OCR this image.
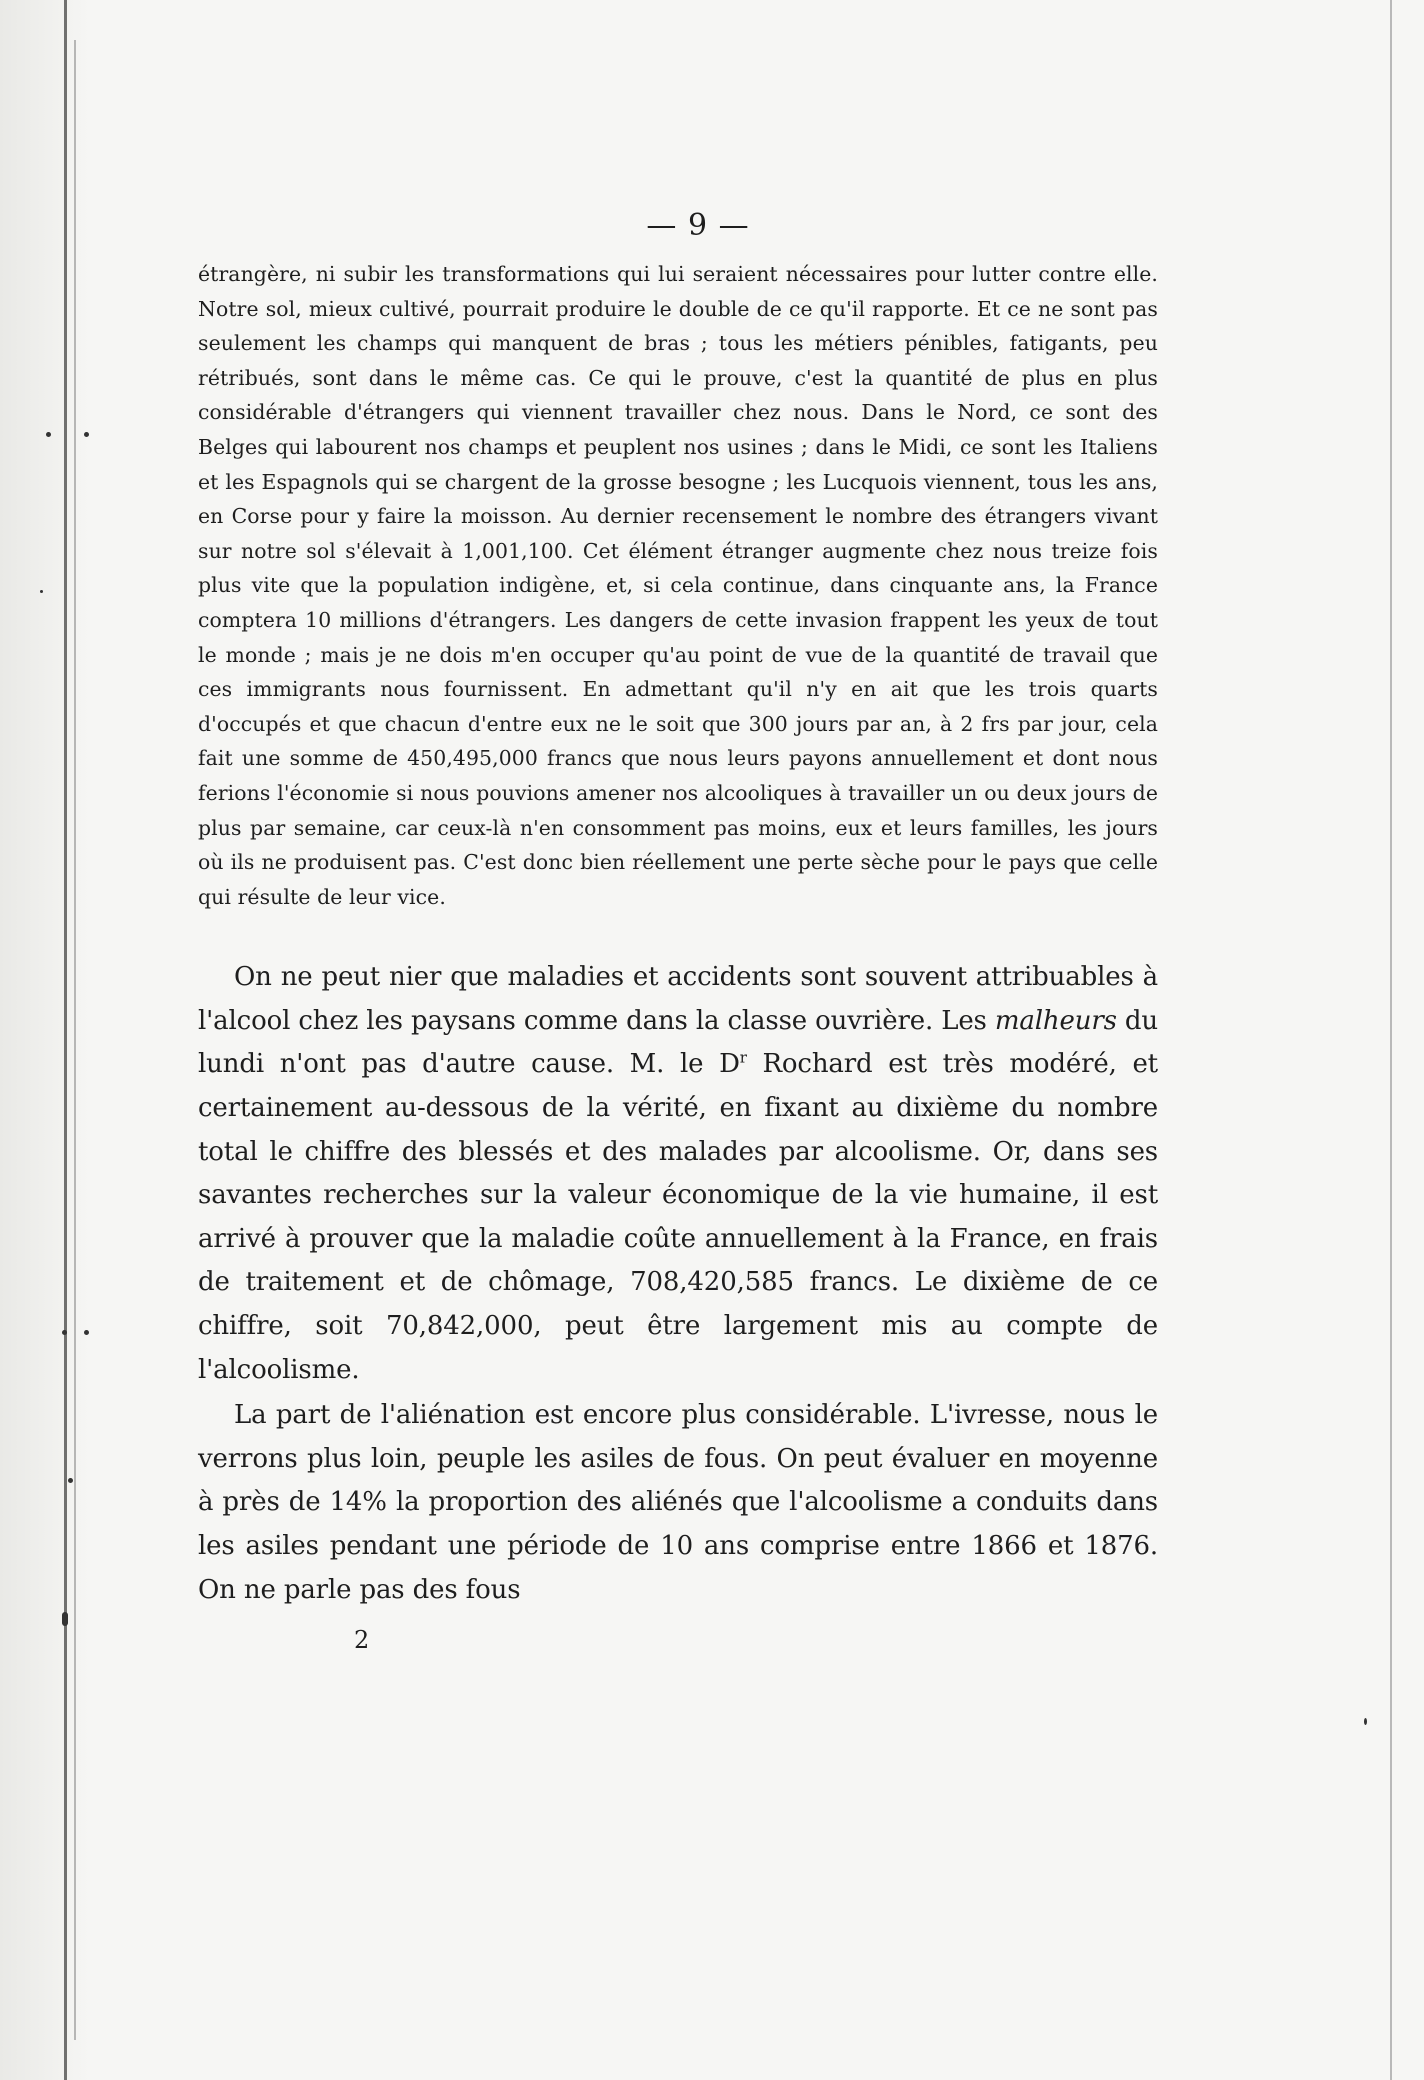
— 9 —

étrangère, ni subir les transformations qui lui seraient nécessaires pour lutter contre elle. Notre sol, mieux cultivé, pourrait produire le double de ce qu'il rapporte. Et ce ne sont pas seulement les champs qui manquent de bras ; tous les métiers pénibles, fatigants, peu rétribués, sont dans le même cas. Ce qui le prouve, c'est la quantité de plus en plus considérable d'étrangers qui viennent travailler chez nous. Dans le Nord, ce sont des Belges qui labourent nos champs et peuplent nos usines ; dans le Midi, ce sont les Italiens et les Espagnols qui se chargent de la grosse besogne ; les Lucquois viennent, tous les ans, en Corse pour y faire la moisson. Au dernier recensement le nombre des étrangers vivant sur notre sol s'élevait à 1,001,100. Cet élément étranger augmente chez nous treize fois plus vite que la population indigène, et, si cela continue, dans cinquante ans, la France comptera 10 millions d'étrangers. Les dangers de cette invasion frappent les yeux de tout le monde ; mais je ne dois m'en occuper qu'au point de vue de la quantité de travail que ces immigrants nous fournissent. En admettant qu'il n'y en ait que les trois quarts d'occupés et que chacun d'entre eux ne le soit que 300 jours par an, à 2 frs par jour, cela fait une somme de 450,495,000 francs que nous leurs payons annuellement et dont nous ferions l'économie si nous pouvions amener nos alcooliques à travailler un ou deux jours de plus par semaine, car ceux-là n'en consomment pas moins, eux et leurs familles, les jours où ils ne produisent pas. C'est donc bien réellement une perte sèche pour le pays que celle qui résulte de leur vice.

On ne peut nier que maladies et accidents sont souvent attribuables à l'alcool chez les paysans comme dans la classe ouvrière. Les malheurs du lundi n'ont pas d'autre cause. M. le $D^r$ Rochard est très modéré, et certainement au-dessous de la vérité, en fixant au dixième du nombre total le chiffre des blessés et des malades par alcoolisme. Or, dans ses savantes recherches sur la valeur économique de la vie humaine, il est arrivé à prouver que la maladie coûte annuellement à la France, en frais de traitement et de chômage, 708,420,585 francs. Le dixième de ce chiffre, soit 70,842,000, peut être largement mis au compte de l'alcoolisme.

La part de l'aliénation est encore plus considérable. L'ivresse, nous le verrons plus loin, peuple les asiles de fous. On peut évaluer en moyenne à près de 14% la proportion des aliénés que l'alcoolisme a conduits dans les asiles pendant une période de 10 ans comprise entre 1866 et 1876. On ne parle pas des fous

2
